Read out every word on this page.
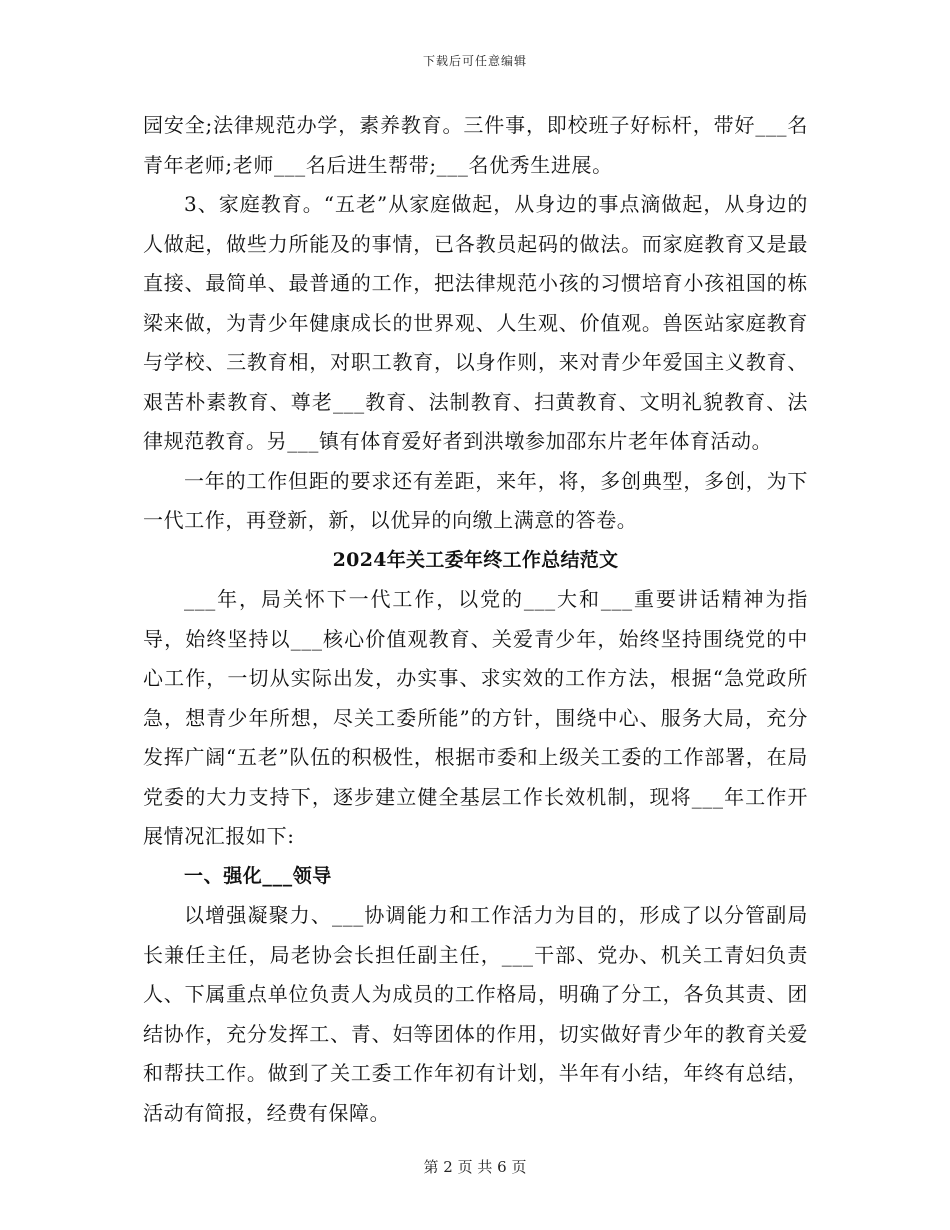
下载后可任意编辑

园安全;法律规范办学，素养教育。三件事，即校班子好标杆，带好___名青年老师;老师___名后进生帮带;___名优秀生进展。

3、家庭教育。“五老”从家庭做起，从身边的事点滴做起，从身边的人做起，做些力所能及的事情，已各教员起码的做法。而家庭教育又是最直接、最简单、最普通的工作，把法律规范小孩的习惯培育小孩祖国的栋梁来做，为青少年健康成长的世界观、人生观、价值观。兽医站家庭教育与学校、三教育相，对职工教育，以身作则，来对青少年爱国主义教育、艰苦朴素教育、尊老___教育、法制教育、扫黄教育、文明礼貌教育、法律规范教育。另___镇有体育爱好者到洪墩参加邵东片老年体育活动。

一年的工作但距的要求还有差距，来年，将，多创典型，多创，为下一代工作，再登新，新，以优异的向缴上满意的答卷。

2024年关工委年终工作总结范文

___年，局关怀下一代工作，以党的___大和___重要讲话精神为指导，始终坚持以___核心价值观教育、关爱青少年，始终坚持围绕党的中心工作，一切从实际出发，办实事、求实效的工作方法，根据“急党政所急，想青少年所想，尽关工委所能”的方针，围绕中心、服务大局，充分发挥广阔“五老”队伍的积极性，根据市委和上级关工委的工作部署，在局党委的大力支持下，逐步建立健全基层工作长效机制，现将___年工作开展情况汇报如下:

一、强化___领导

以增强凝聚力、___协调能力和工作活力为目的，形成了以分管副局长兼任主任，局老协会长担任副主任，___干部、党办、机关工青妇负责人、下属重点单位负责人为成员的工作格局，明确了分工，各负其责、团结协作，充分发挥工、青、妇等团体的作用，切实做好青少年的教育关爱和帮扶工作。做到了关工委工作年初有计划，半年有小结，年终有总结，活动有简报，经费有保障。

第 2 页 共 6 页
